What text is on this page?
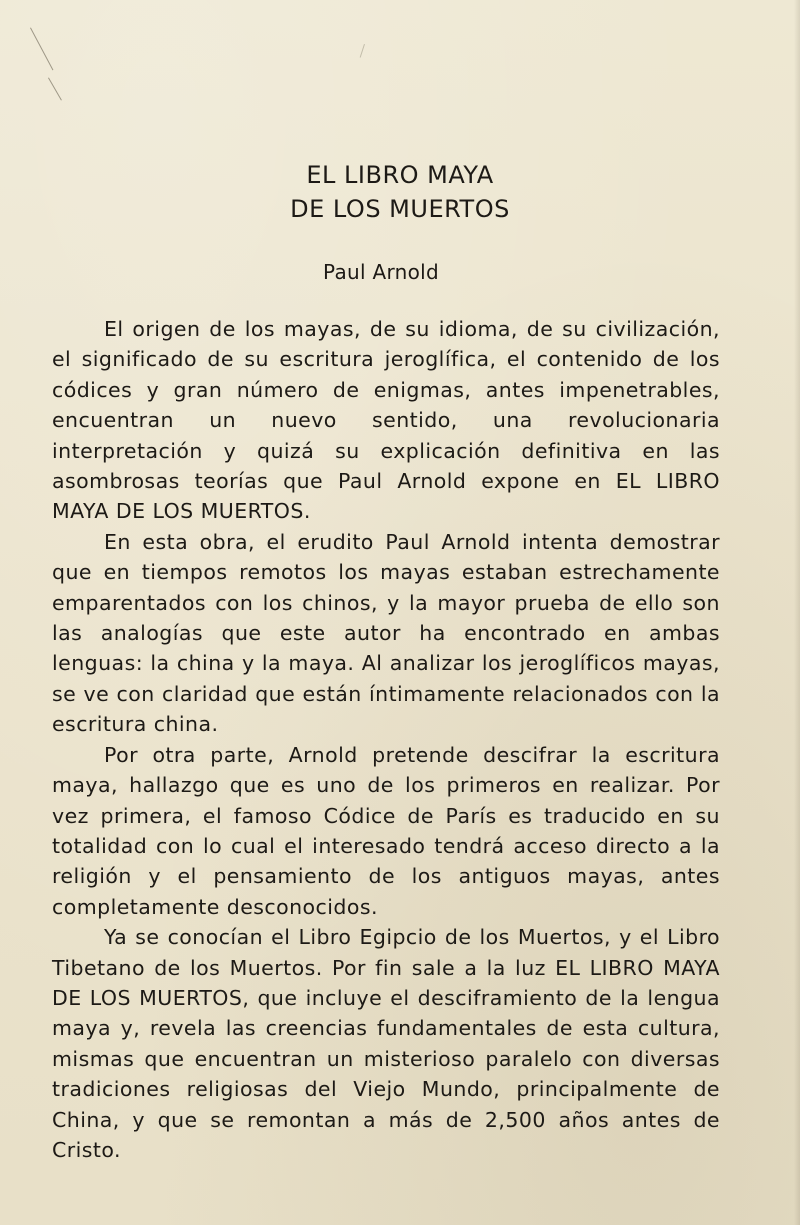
EL LIBRO MAYA
DE LOS MUERTOS
Paul Arnold

El origen de los mayas, de su idioma, de su civilización, el significado de su escritura jeroglífica, el contenido de los códices y gran número de enigmas, antes impenetrables, encuentran un nuevo sentido, una revolucionaria interpretación y quizá su explicación definitiva en las asombrosas teorías que Paul Arnold expone en EL LIBRO MAYA DE LOS MUERTOS.

En esta obra, el erudito Paul Arnold intenta demostrar que en tiempos remotos los mayas estaban estrechamente emparentados con los chinos, y la mayor prueba de ello son las analogías que este autor ha encontrado en ambas lenguas: la china y la maya. Al analizar los jeroglíficos mayas, se ve con claridad que están íntimamente relacionados con la escritura china.

Por otra parte, Arnold pretende descifrar la escritura maya, hallazgo que es uno de los primeros en realizar. Por vez primera, el famoso Códice de París es traducido en su totalidad con lo cual el interesado tendrá acceso directo a la religión y el pensamiento de los antiguos mayas, antes completamente desconocidos.

Ya se conocían el Libro Egipcio de los Muertos, y el Libro Tibetano de los Muertos. Por fin sale a la luz EL LIBRO MAYA DE LOS MUERTOS, que incluye el desciframiento de la lengua maya y, revela las creencias fundamentales de esta cultura, mismas que encuentran un misterioso paralelo con diversas tradiciones religiosas del Viejo Mundo, principalmente de China, y que se remontan a más de 2,500 años antes de Cristo.
